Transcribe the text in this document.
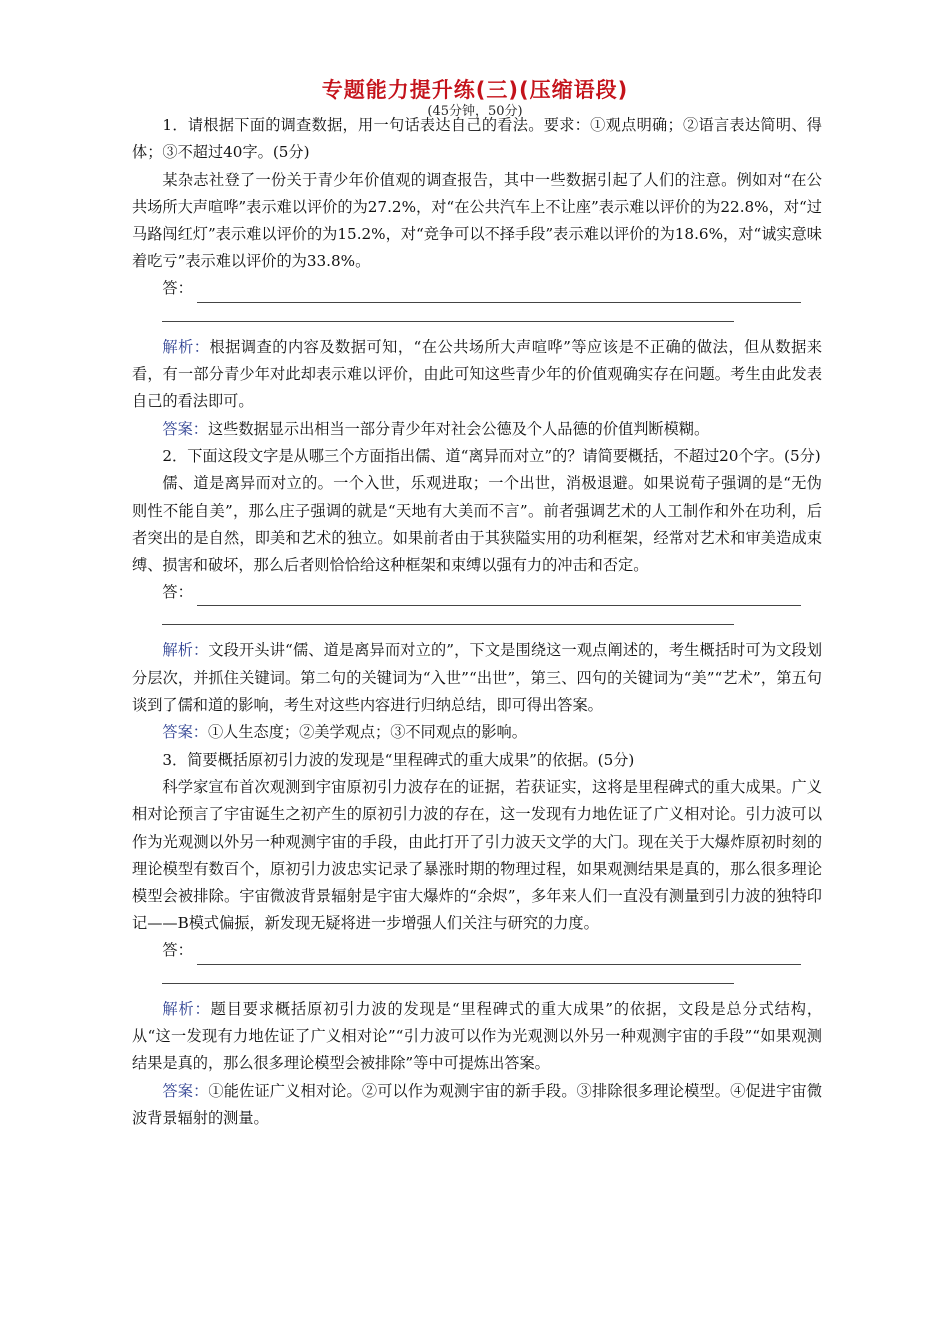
专题能力提升练(三)(压缩语段)
(45分钟，50分)

1．请根据下面的调查数据，用一句话表达自己的看法。要求：①观点明确；②语言表达简明、得体；③不超过40字。(5分)

某杂志社登了一份关于青少年价值观的调查报告，其中一些数据引起了人们的注意。例如对“在公共场所大声喧哗”表示难以评价的为27.2%，对“在公共汽车上不让座”表示难以评价的为22.8%，对“过马路闯红灯”表示难以评价的为15.2%，对“竞争可以不择手段”表示难以评价的为18.6%，对“诚实意味着吃亏”表示难以评价的为33.8%。

答：

解析：根据调查的内容及数据可知，“在公共场所大声喧哗”等应该是不正确的做法，但从数据来看，有一部分青少年对此却表示难以评价，由此可知这些青少年的价值观确实存在问题。考生由此发表自己的看法即可。

答案：这些数据显示出相当一部分青少年对社会公德及个人品德的价值判断模糊。

2．下面这段文字是从哪三个方面指出儒、道“离异而对立”的？请简要概括，不超过20个字。(5分)

儒、道是离异而对立的。一个入世，乐观进取；一个出世，消极退避。如果说荀子强调的是“无伪则性不能自美”，那么庄子强调的就是“天地有大美而不言”。前者强调艺术的人工制作和外在功利，后者突出的是自然，即美和艺术的独立。如果前者由于其狭隘实用的功利框架，经常对艺术和审美造成束缚、损害和破坏，那么后者则恰恰给这种框架和束缚以强有力的冲击和否定。

答：

解析：文段开头讲“儒、道是离异而对立的”，下文是围绕这一观点阐述的，考生概括时可为文段划分层次，并抓住关键词。第二句的关键词为“入世”“出世”，第三、四句的关键词为“美”“艺术”，第五句谈到了儒和道的影响，考生对这些内容进行归纳总结，即可得出答案。

答案：①人生态度；②美学观点；③不同观点的影响。

3．简要概括原初引力波的发现是“里程碑式的重大成果”的依据。(5分)

科学家宣布首次观测到宇宙原初引力波存在的证据，若获证实，这将是里程碑式的重大成果。广义相对论预言了宇宙诞生之初产生的原初引力波的存在，这一发现有力地佐证了广义相对论。引力波可以作为光观测以外另一种观测宇宙的手段，由此打开了引力波天文学的大门。现在关于大爆炸原初时刻的理论模型有数百个，原初引力波忠实记录了暴涨时期的物理过程，如果观测结果是真的，那么很多理论模型会被排除。宇宙微波背景辐射是宇宙大爆炸的“余烬”，多年来人们一直没有测量到引力波的独特印记——B模式偏振，新发现无疑将进一步增强人们关注与研究的力度。

答：

解析：题目要求概括原初引力波的发现是“里程碑式的重大成果”的依据，文段是总分式结构，从“这一发现有力地佐证了广义相对论”“引力波可以作为光观测以外另一种观测宇宙的手段”“如果观测结果是真的，那么很多理论模型会被排除”等中可提炼出答案。

答案：①能佐证广义相对论。②可以作为观测宇宙的新手段。③排除很多理论模型。④促进宇宙微波背景辐射的测量。
